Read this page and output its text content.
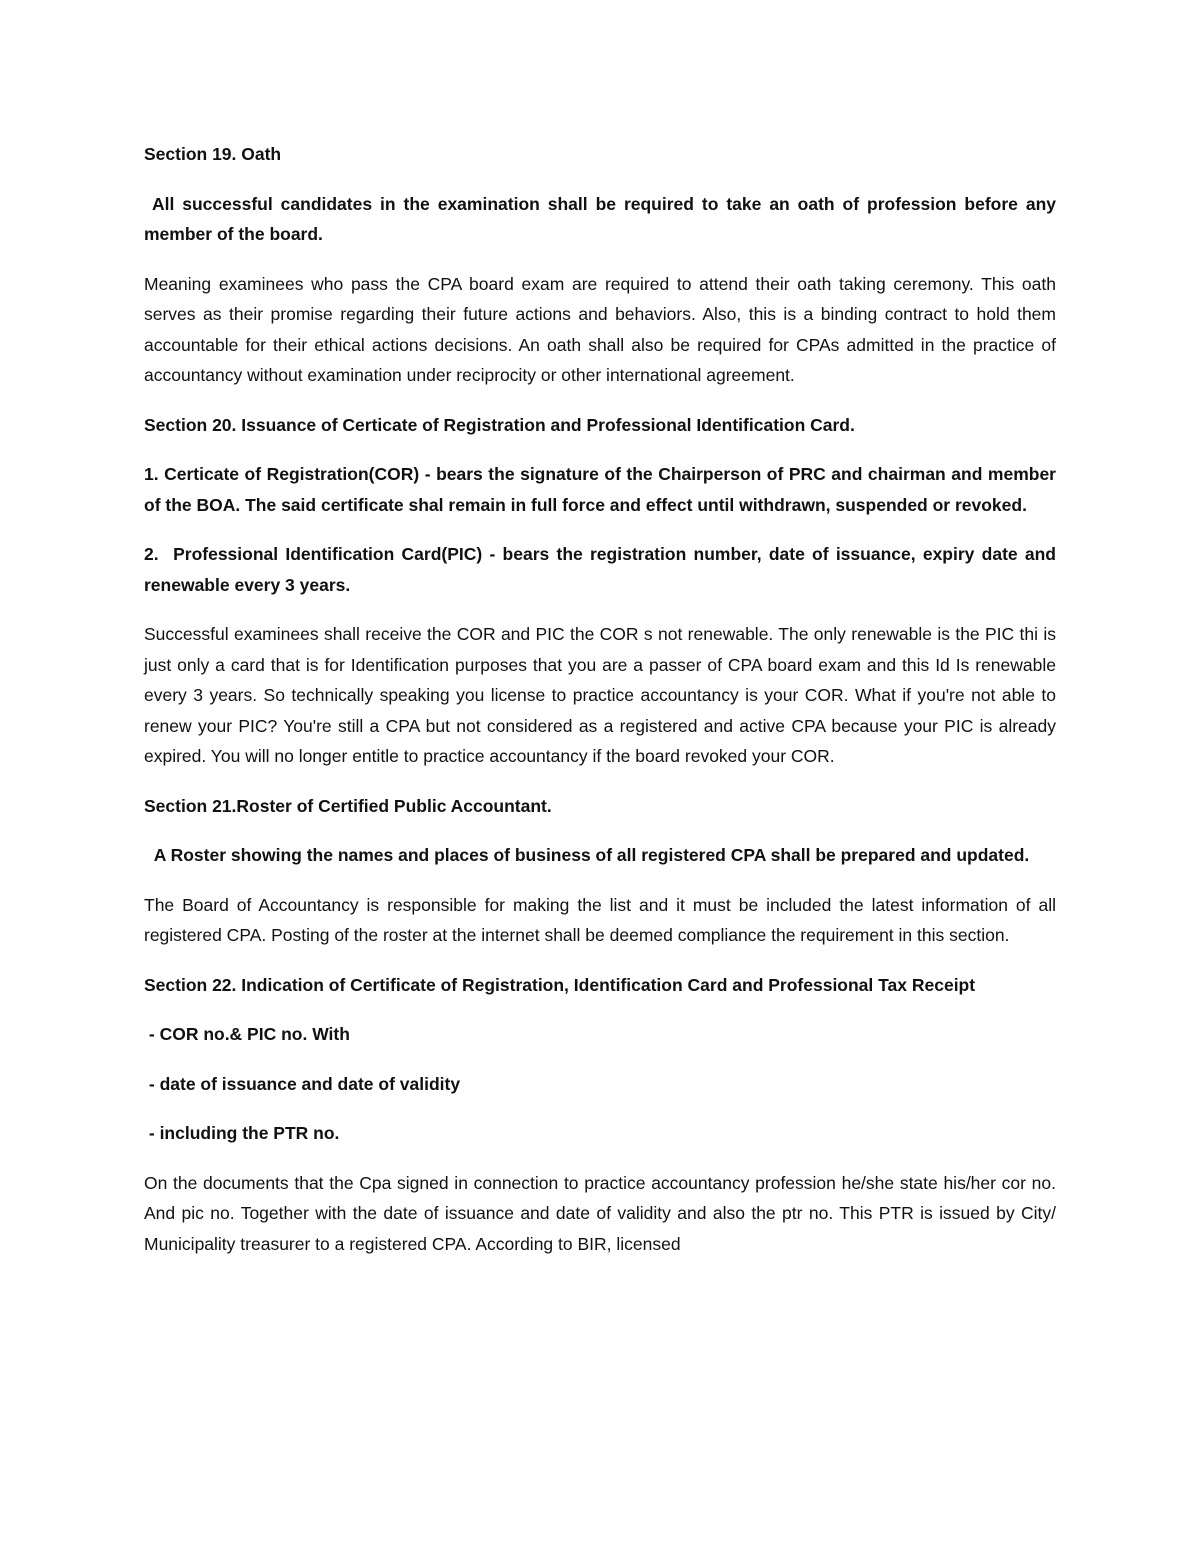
Section 19. Oath

All successful candidates in the examination shall be required to take an oath of profession before any member of the board.

Meaning examinees who pass the CPA board exam are required to attend their oath taking ceremony. This oath serves as their promise regarding their future actions and behaviors. Also, this is a binding contract to hold them accountable for their ethical actions decisions. An oath shall also be required for CPAs admitted in the practice of accountancy without examination under reciprocity or other international agreement.

Section 20. Issuance of Certicate of Registration and Professional Identification Card.

1. Certicate of Registration(COR) - bears the signature of the Chairperson of PRC and chairman and member of the BOA. The said certificate shal remain in full force and effect until withdrawn, suspended or revoked.

2.  Professional Identification Card(PIC) - bears the registration number, date of issuance, expiry date and renewable every 3 years.

Successful examinees shall receive the COR and PIC the COR s not renewable. The only renewable is the PIC thi is just only a card that is for Identification purposes that you are a passer of CPA board exam and this Id Is renewable every 3 years. So technically speaking you license to practice accountancy is your COR. What if you're not able to renew your PIC? You're still a CPA but not considered as a registered and active CPA because your PIC is already expired. You will no longer entitle to practice accountancy if the board revoked your COR.

Section 21.Roster of Certified Public Accountant.

A Roster showing the names and places of business of all registered CPA shall be prepared and updated.

The Board of Accountancy is responsible for making the list and it must be included the latest information of all registered CPA. Posting of the roster at the internet shall be deemed compliance the requirement in this section.

Section 22. Indication of Certificate of Registration, Identification Card and Professional Tax Receipt

- COR no.& PIC no. With

- date of issuance and date of validity

- including the PTR no.

On the documents that the Cpa signed in connection to practice accountancy profession he/she state his/her cor no. And pic no. Together with the date of issuance and date of validity and also the ptr no. This PTR is issued by City/ Municipality treasurer to a registered CPA. According to BIR, licensed
